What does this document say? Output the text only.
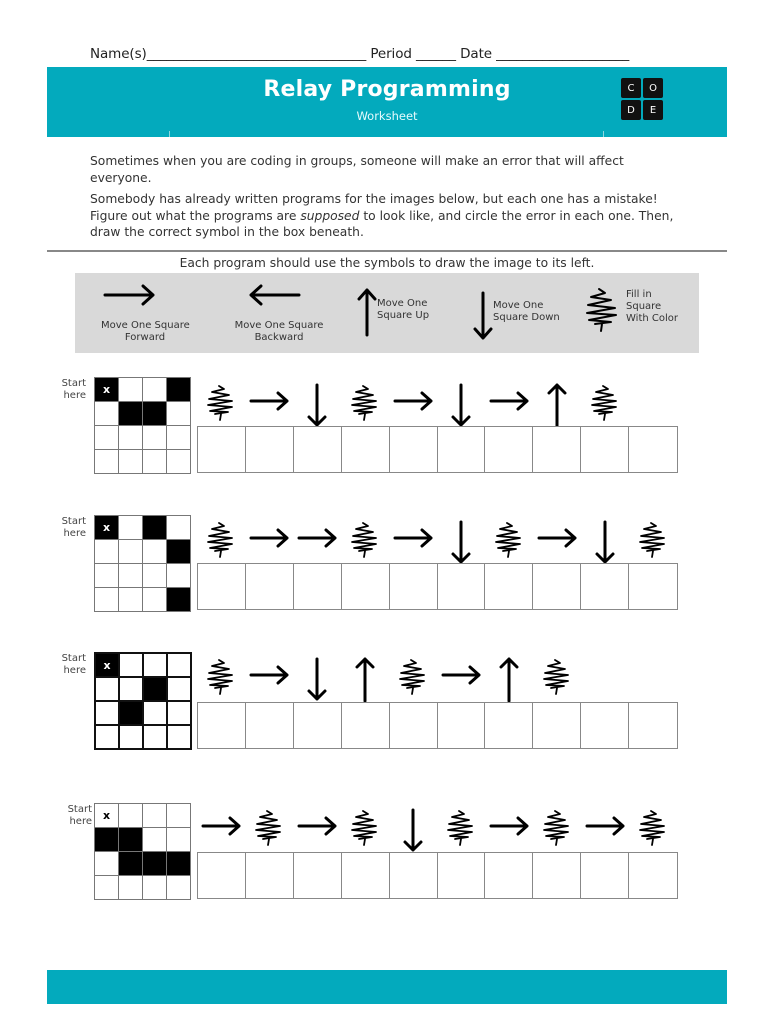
Name(s)_________________________________ Period ______ Date ____________________
Relay Programming
Worksheet
C	O
D	E

Sometimes when you are coding in groups, someone will make an error that will affect everyone.

Somebody has already written programs for the images below, but each one has a mistake! Figure out what the programs are supposed to look like, and circle the error in each one. Then, draw the correct symbol in the box beneath.

Each program should use the symbols to draw the image to its left.
Move One Square
Forward
Move One Square
Backward
Move One
Square Up
Move One
Square Down
Fill in
Square
With Color
Start
here	x
Start
here	x
Start
here	x
Start
here x
